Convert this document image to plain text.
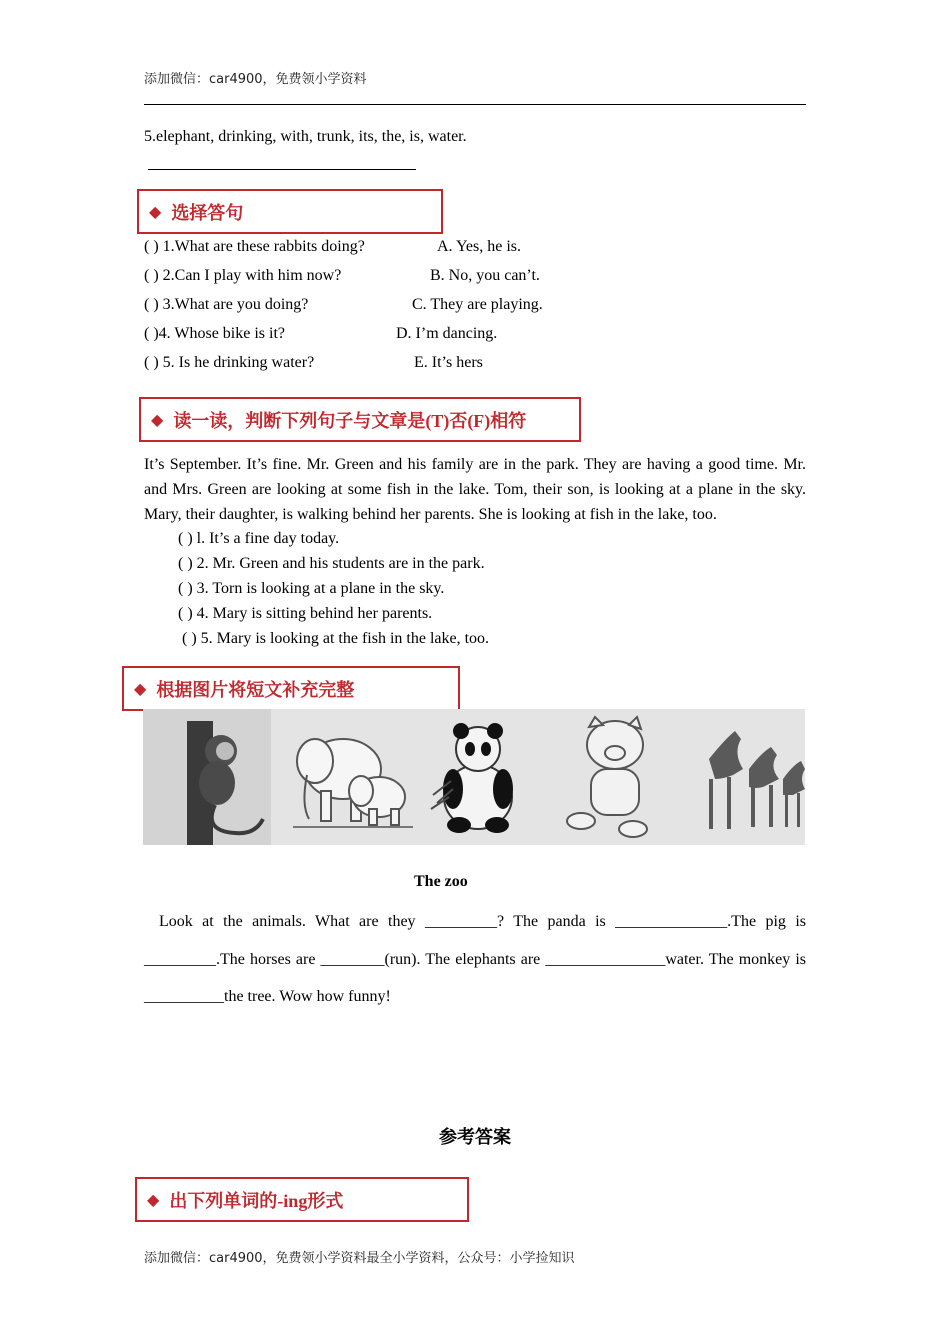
添加微信：car4900，免费领小学资料
5.elephant, drinking, with, trunk, its, the, is, water.
◆ 选择答句
( ) 1.What are these rabbits doing?	A. Yes, he is.
( ) 2.Can I play with him now?	B. No, you can’t.
( ) 3.What are you doing?	C. They are playing.
( )4. Whose bike is it?	D. I’m dancing.
( ) 5. Is he drinking water?	E. It’s hers
◆ 读一读，判断下列句子与文章是(T)否(F)相符
It’s September. It’s fine. Mr. Green and his family are in the park. They are having a good time. Mr. and Mrs. Green are looking at some fish in the lake. Tom, their son, is looking at a plane in the sky. Mary, their daughter, is walking behind her parents. She is looking at fish in the lake, too.
( ) l. It’s a fine day today.
( ) 2. Mr. Green and his students are in the park.
( ) 3. Torn is looking at a plane in the sky.
( ) 4. Mary is sitting behind her parents.
( ) 5. Mary is looking at the fish in the lake, too.
◆ 根据图片将短文补充完整
The zoo
Look at the animals. What are they _________? The panda is ______________.The pig is _________.The horses are ________(run). The elephants are _______________water. The monkey is __________the tree. Wow how funny!
参考答案
◆ 出下列单词的-ing形式
添加微信：car4900，免费领小学资料最全小学资料，公众号：小学捡知识
